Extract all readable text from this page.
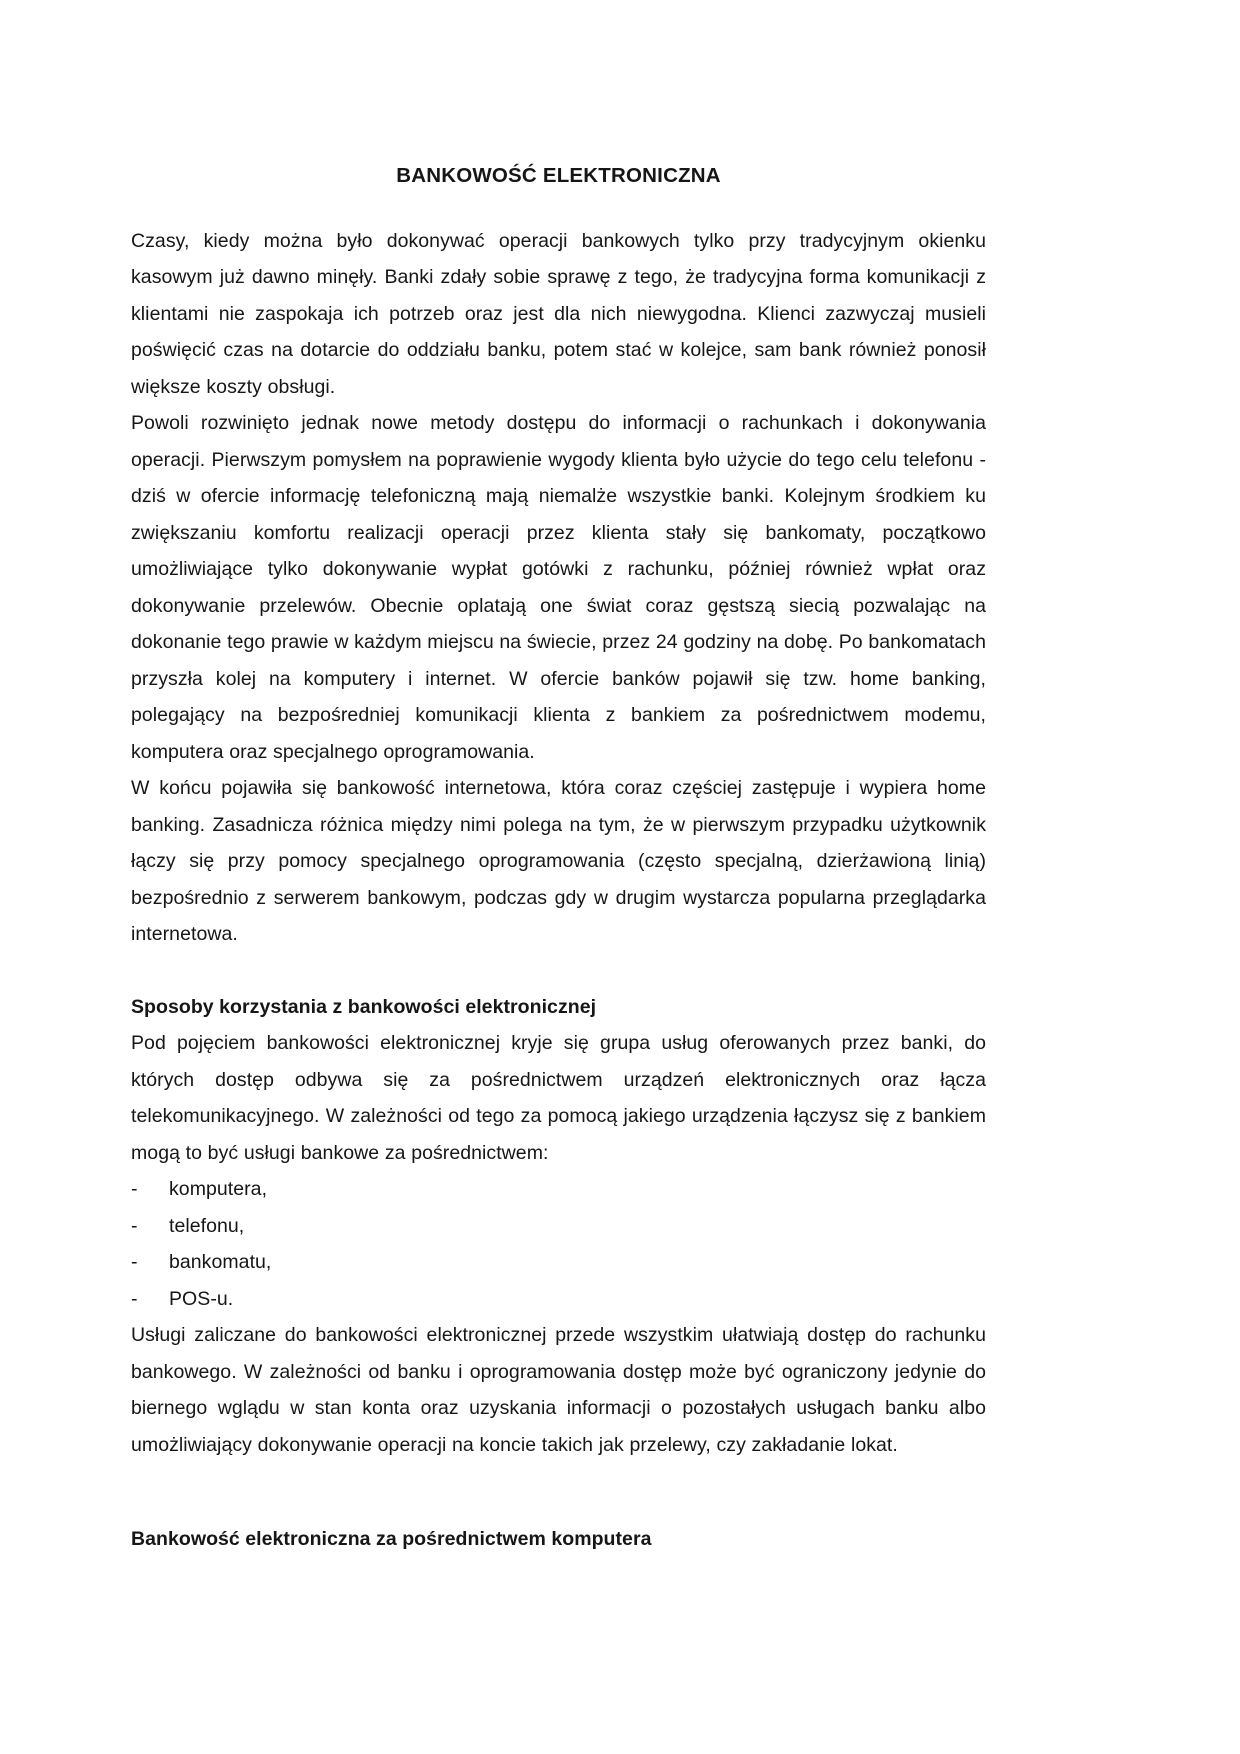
BANKOWOŚĆ ELEKTRONICZNA

Czasy, kiedy można było dokonywać operacji bankowych tylko przy tradycyjnym okienku kasowym już dawno minęły. Banki zdały sobie sprawę z tego, że tradycyjna forma komunikacji z klientami nie zaspokaja ich potrzeb oraz jest dla nich niewygodna. Klienci zazwyczaj musieli poświęcić czas na dotarcie do oddziału banku, potem stać w kolejce, sam bank również ponosił większe koszty obsługi.

Powoli rozwinięto jednak nowe metody dostępu do informacji o rachunkach i dokonywania operacji. Pierwszym pomysłem na poprawienie wygody klienta było użycie do tego celu telefonu - dziś w ofercie informację telefoniczną mają niemalże wszystkie banki. Kolejnym środkiem ku zwiększaniu komfortu realizacji operacji przez klienta stały się bankomaty, początkowo umożliwiające tylko dokonywanie wypłat gotówki z rachunku, później również wpłat oraz dokonywanie przelewów. Obecnie oplatają one świat coraz gęstszą siecią pozwalając na dokonanie tego prawie w każdym miejscu na świecie, przez 24 godziny na dobę. Po bankomatach przyszła kolej na komputery i internet. W ofercie banków pojawił się tzw. home banking, polegający na bezpośredniej komunikacji klienta z bankiem za pośrednictwem modemu, komputera oraz specjalnego oprogramowania.

W końcu pojawiła się bankowość internetowa, która coraz częściej zastępuje i wypiera home banking. Zasadnicza różnica między nimi polega na tym, że w pierwszym przypadku użytkownik łączy się przy pomocy specjalnego oprogramowania (często specjalną, dzierżawioną linią) bezpośrednio z serwerem bankowym, podczas gdy w drugim wystarcza popularna przeglądarka internetowa.

Sposoby korzystania z bankowości elektronicznej

Pod pojęciem bankowości elektronicznej kryje się grupa usług oferowanych przez banki, do których dostęp odbywa się za pośrednictwem urządzeń elektronicznych oraz łącza telekomunikacyjnego. W zależności od tego za pomocą jakiego urządzenia łączysz się z bankiem mogą to być usługi bankowe za pośrednictwem:

-	komputera,
-	telefonu,
-	bankomatu,
-	POS-u.

Usługi zaliczane do bankowości elektronicznej przede wszystkim ułatwiają dostęp do rachunku bankowego. W zależności od banku i oprogramowania dostęp może być ograniczony jedynie do biernego wglądu w stan konta oraz uzyskania informacji o pozostałych usługach banku albo umożliwiający dokonywanie operacji na koncie takich jak przelewy, czy zakładanie lokat.

Bankowość elektroniczna za pośrednictwem komputera
